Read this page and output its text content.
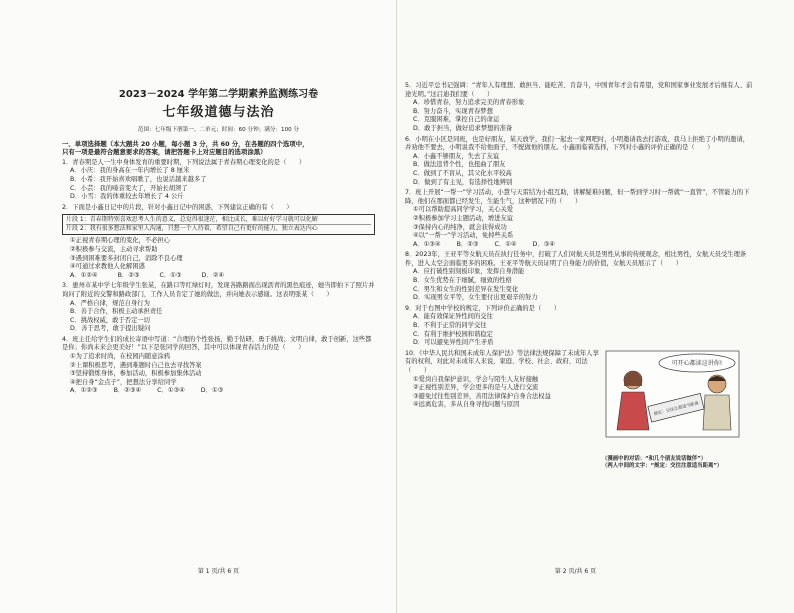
2023－2024 学年第二学期素养监测练习卷
七年级道德与法治
范围：七年级下册第一、二单元；时间：60 分钟；满分：100 分
一、单项选择题（本大题共 20 小题，每小题 3 分，共 60 分，在各题的四个选项中，
只有一项是最符合题意要求的答案，请把答题卡上对应题目的选项涂黑）
1．青春期是人一生中身体发育的重要时期，下列说法属于青春期心理变化的是（　　）
A．小庆：我的身高在一年内增长了 8 厘米
B．小希：我开始喜欢唱歌了，也说话越来越多了
C．小芸：我的嗓音变大了，开始长胡须了
D．小雪：我的体重较去年增长了 4 公斤
2．下面是小鑫日记中的片段，针对小鑫日记中的困惑，下列建议正确的有（　　）
片段 1：青春期特别喜欢思考人生的意义，总觉得很迷茫，相比成长，难以好好学习就可以化解
片段 2：我有很多想法和家里人沟通，只想一个人待着，希望自己有更好的能力，独立表达内心
①正视青春期心理的变化，不必担心
②积极参与交流，主动寻求帮助
③遇到困难要多封闭自己，消除不良心理
④可通过求教他人化解困惑
A．①②④	B．②③	C．①③	D．②④
3．惠州市某中学七年级学生张某，在路口等红绿灯时，发现各路路面出现沥青的黑色痕迹，她当即拍下了照片并询问了附近的交警和路政部门，工作人员肯定了她的做法，并向她表示感谢。这表明张某（　　）
A．严格自律，规范自身行为
B．善于合作，积极主动承担责任
C．挑战权威，敢于否定一切
D．善于思考，敢于提出疑问
4．班主任给学生们的成长寄语中写道：“合理的个性张扬，勤于钻研，勇于挑战；文明自律，敢于创新，这些都是你；你尚未来会更美好！”以下是张同学的回答，其中可以体现青春活力的是（　　）
①为了追求时尚，在校园内随意涂鸦
②上课积极思考，遇到难题时自己也去寻找答案
③坚持锻炼身体，参加活动，积极参加集体活动
④把自身“金点子”，把想法分享给同学
A．①②③	B．②③④	C．①③④	D．①③
第 1 页/共 6 页
5．习近平总书记强调：“青年人有理想、敢担当、能吃苦、肯奋斗，中国青年才会有希望，党和国家事业发展才后继有人、前途光明。”这启迪我们要（　　）
A．珍惜青春，努力追求完美的青春形象
B．努力奋斗，实现青春梦想
C．克服困难，掌控自己的命运
D．敢于担当，做好追求梦想的准备
6．小明在小区是同班，也是好朋友，某天放学，我们一起去一家网吧时，小明邀请我去打游戏，我马上拒绝了小明的邀请，并劝他不要去，小明说我不给他面子，不配做他的朋友。小鑫面临着选择，下列对小鑫的评价正确的是（　　）
A．小鑫不够朋友，失去了友谊
B．做法违背个性，也扭曲了朋友
C．做到了不盲从，其父化水平较高
D．做到了有主见，有选择性地辨别
7．班上开展“一帮一”学习活动，小慧与天雷结为小组互助，讲解疑难问题，但一帮到学习时一帮就“一直管”，不管能力的下降，他们在那面都已经发生，生能生气，这种情况下的（　　）
①可以帮助提高同学学习，关心关爱
②积极参加学习主题活动，增进友谊
③保持内心的纯净，就会获得成功
④以“一帮一”学习活动，免掉些关系
A．①③④	B．②③	C．①④	D．③④
8．2023年，王亚平等女航天员在执行任务中，打破了人们对航天员是男性从事的传统观念，相比男性，女航天员受生理条件，进入太空会面临更多的困难。王亚平等航天员证明了自身能力的价值，女航天员展示了（　　）
A．应打破性别刻板印象，发挥自身潜能
B．女生优势在于细腻，细致的性格
C．男生和女生的性别差异在发生变化
D．实现男女平等，女生要付出更艰辛的努力
9．对于右图中学校的规定，下列评价正确的是（　　）
A．能有效保证异性间的交往
B．不利于正常的同学交往
C．有利于维护校园和谐稳定
D．可以避免异性间产生矛盾
10．《中华人民共和国未成年人保护法》等法律法规保障了未成年人享有的权利，对此对未成年人来说，家庭、学校、社会、政府、司法（　　）
①爱岗自我保护意识，学会与陌生人友好接触
②正视性别差异，学会更多的是与人进行交流
③避免过往性别差异，善用法律保护自身合法权益
④远离危害，多从自身寻找问题与原因
可开心都读这讲你!
规定：交往注意适当距离
（漫画中的对话：“和几个朋友说话做伴”）
（两人中间的文字：“规定：交往注意适当距离”）
第 2 页/共 6 页
